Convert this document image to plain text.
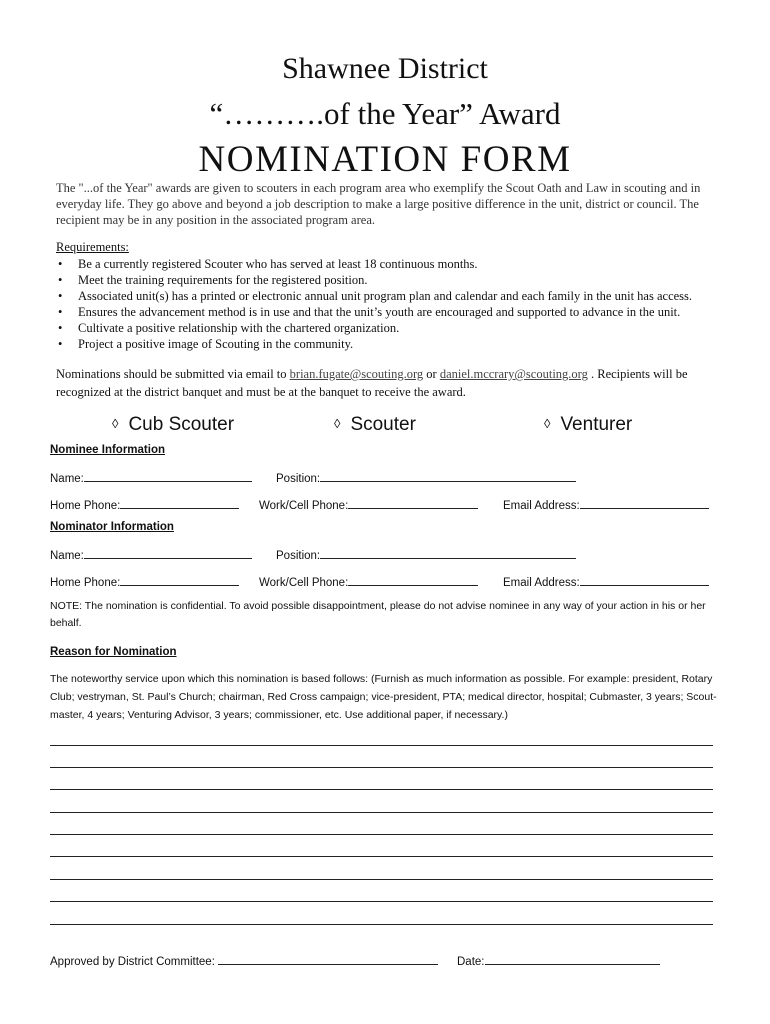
Shawnee District
“……….of the Year” Award
NOMINATION FORM
The "...of the Year" awards are given to scouters in each program area who exemplify the Scout Oath and Law in scouting and in everyday life. They go above and beyond a job description to make a large positive difference in the unit, district or council. The recipient may be in any position in the associated program area.
Requirements:
• Be a currently registered Scouter who has served at least 18 continuous months.
• Meet the training requirements for the registered position.
• Associated unit(s) has a printed or electronic annual unit program plan and calendar and each family in the unit has access.
• Ensures the advancement method is in use and that the unit’s youth are encouraged and supported to advance in the unit.
• Cultivate a positive relationship with the chartered organization.
• Project a positive image of Scouting in the community.
Nominations should be submitted via email to brian.fugate@scouting.org or daniel.mccrary@scouting.org . Recipients will be recognized at the district banquet and must be at the banquet to receive the award.
◊ Cub Scouter	◊ Scouter	◊ Venturer
Nominee Information
Name:	Position:
Home Phone:	Work/Cell Phone:	Email Address:
Nominator Information
Name:	Position:
Home Phone:	Work/Cell Phone:	Email Address:
NOTE: The nomination is confidential. To avoid possible disappointment, please do not advise nominee in any way of your action in his or her behalf.
Reason for Nomination
The noteworthy service upon which this nomination is based follows: (Furnish as much information as possible. For example: president, Rotary Club; vestryman, St. Paul’s Church; chairman, Red Cross campaign; vice-president, PTA; medical director, hospital; Cubmaster, 3 years; Scout-master, 4 years; Venturing Advisor, 3 years; commissioner, etc. Use additional paper, if necessary.)
Approved by District Committee:	Date:
